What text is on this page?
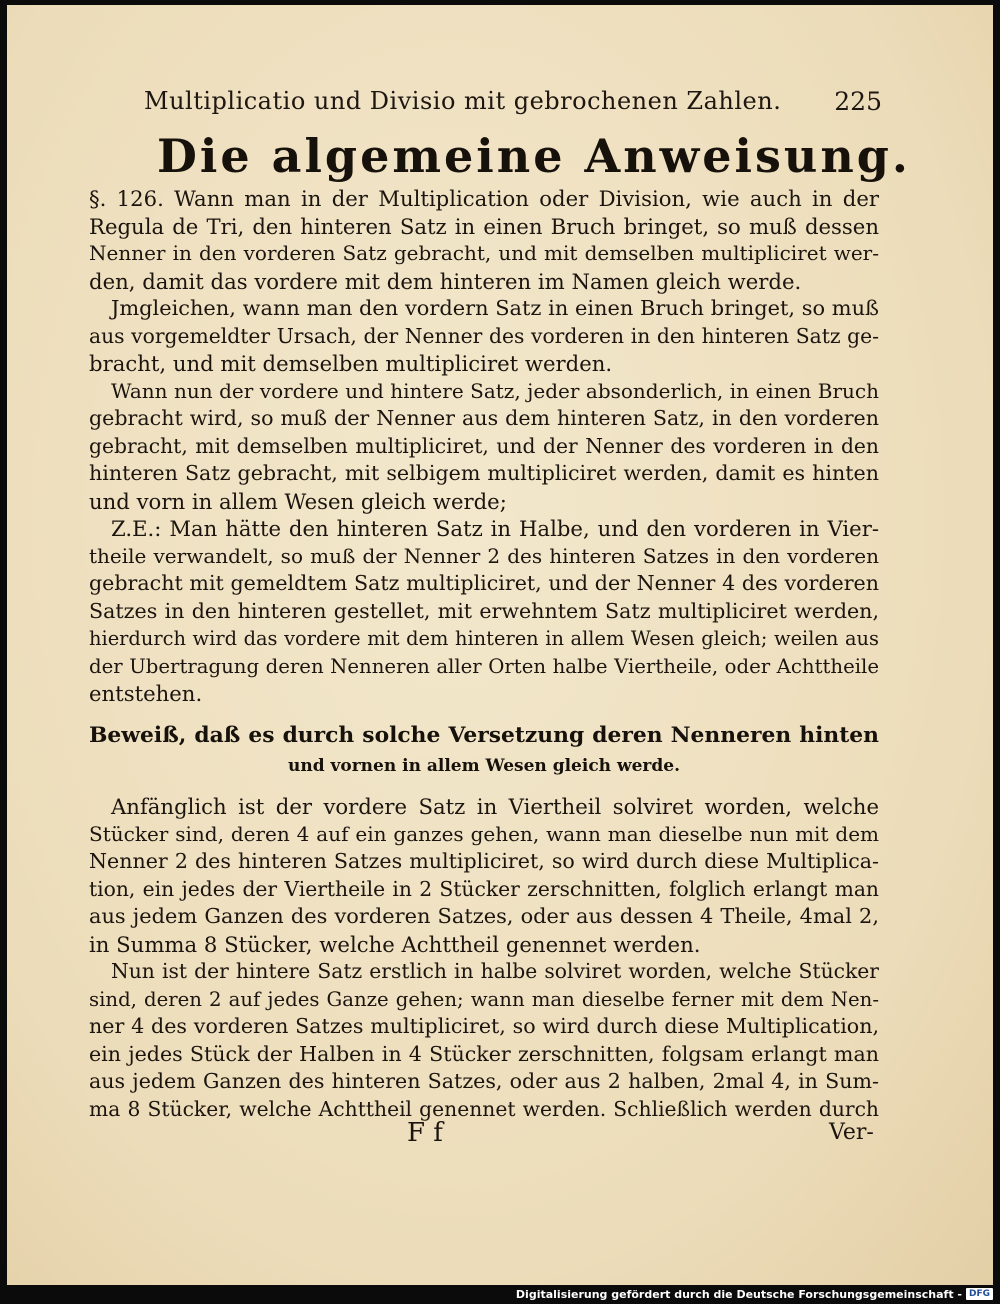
Multiplicatio und Divisio mit gebrochenen Zahlen. 225
Die algemeine Anweisung.
§. 126. Wann man in der Multiplication oder Division, wie auch in der
Regula de Tri, den hinteren Satz in einen Bruch bringet, so muß dessen
Nenner in den vorderen Satz gebracht, und mit demselben multipliciret wer-
den, damit das vordere mit dem hinteren im Namen gleich werde.
Jmgleichen, wann man den vordern Satz in einen Bruch bringet, so muß
aus vorgemeldter Ursach, der Nenner des vorderen in den hinteren Satz ge-
bracht, und mit demselben multipliciret werden.
Wann nun der vordere und hintere Satz, jeder absonderlich, in einen Bruch
gebracht wird, so muß der Nenner aus dem hinteren Satz, in den vorderen
gebracht, mit demselben multipliciret, und der Nenner des vorderen in den
hinteren Satz gebracht, mit selbigem multipliciret werden, damit es hinten
und vorn in allem Wesen gleich werde;
Z.E.: Man hätte den hinteren Satz in Halbe, und den vorderen in Vier-
theile verwandelt, so muß der Nenner 2 des hinteren Satzes in den vorderen
gebracht mit gemeldtem Satz multipliciret, und der Nenner 4 des vorderen
Satzes in den hinteren gestellet, mit erwehntem Satz multipliciret werden,
hierdurch wird das vordere mit dem hinteren in allem Wesen gleich; weilen aus
der Ubertragung deren Nenneren aller Orten halbe Viertheile, oder Achttheile
entstehen.
Beweiß, daß es durch solche Versetzung deren Nenneren hinten
und vornen in allem Wesen gleich werde.
Anfänglich ist der vordere Satz in Viertheil solviret worden, welche
Stücker sind, deren 4 auf ein ganzes gehen, wann man dieselbe nun mit dem
Nenner 2 des hinteren Satzes multipliciret, so wird durch diese Multiplica-
tion, ein jedes der Viertheile in 2 Stücker zerschnitten, folglich erlangt man
aus jedem Ganzen des vorderen Satzes, oder aus dessen 4 Theile, 4mal 2,
in Summa 8 Stücker, welche Achttheil genennet werden.
Nun ist der hintere Satz erstlich in halbe solviret worden, welche Stücker
sind, deren 2 auf jedes Ganze gehen; wann man dieselbe ferner mit dem Nen-
ner 4 des vorderen Satzes multipliciret, so wird durch diese Multiplication,
ein jedes Stück der Halben in 4 Stücker zerschnitten, folgsam erlangt man
aus jedem Ganzen des hinteren Satzes, oder aus 2 halben, 2mal 4, in Sum-
ma 8 Stücker, welche Achttheil genennet werden. Schließlich werden durch
F f	Ver-
Digitalisierung gefördert durch die Deutsche Forschungsgemeinschaft - DFG
